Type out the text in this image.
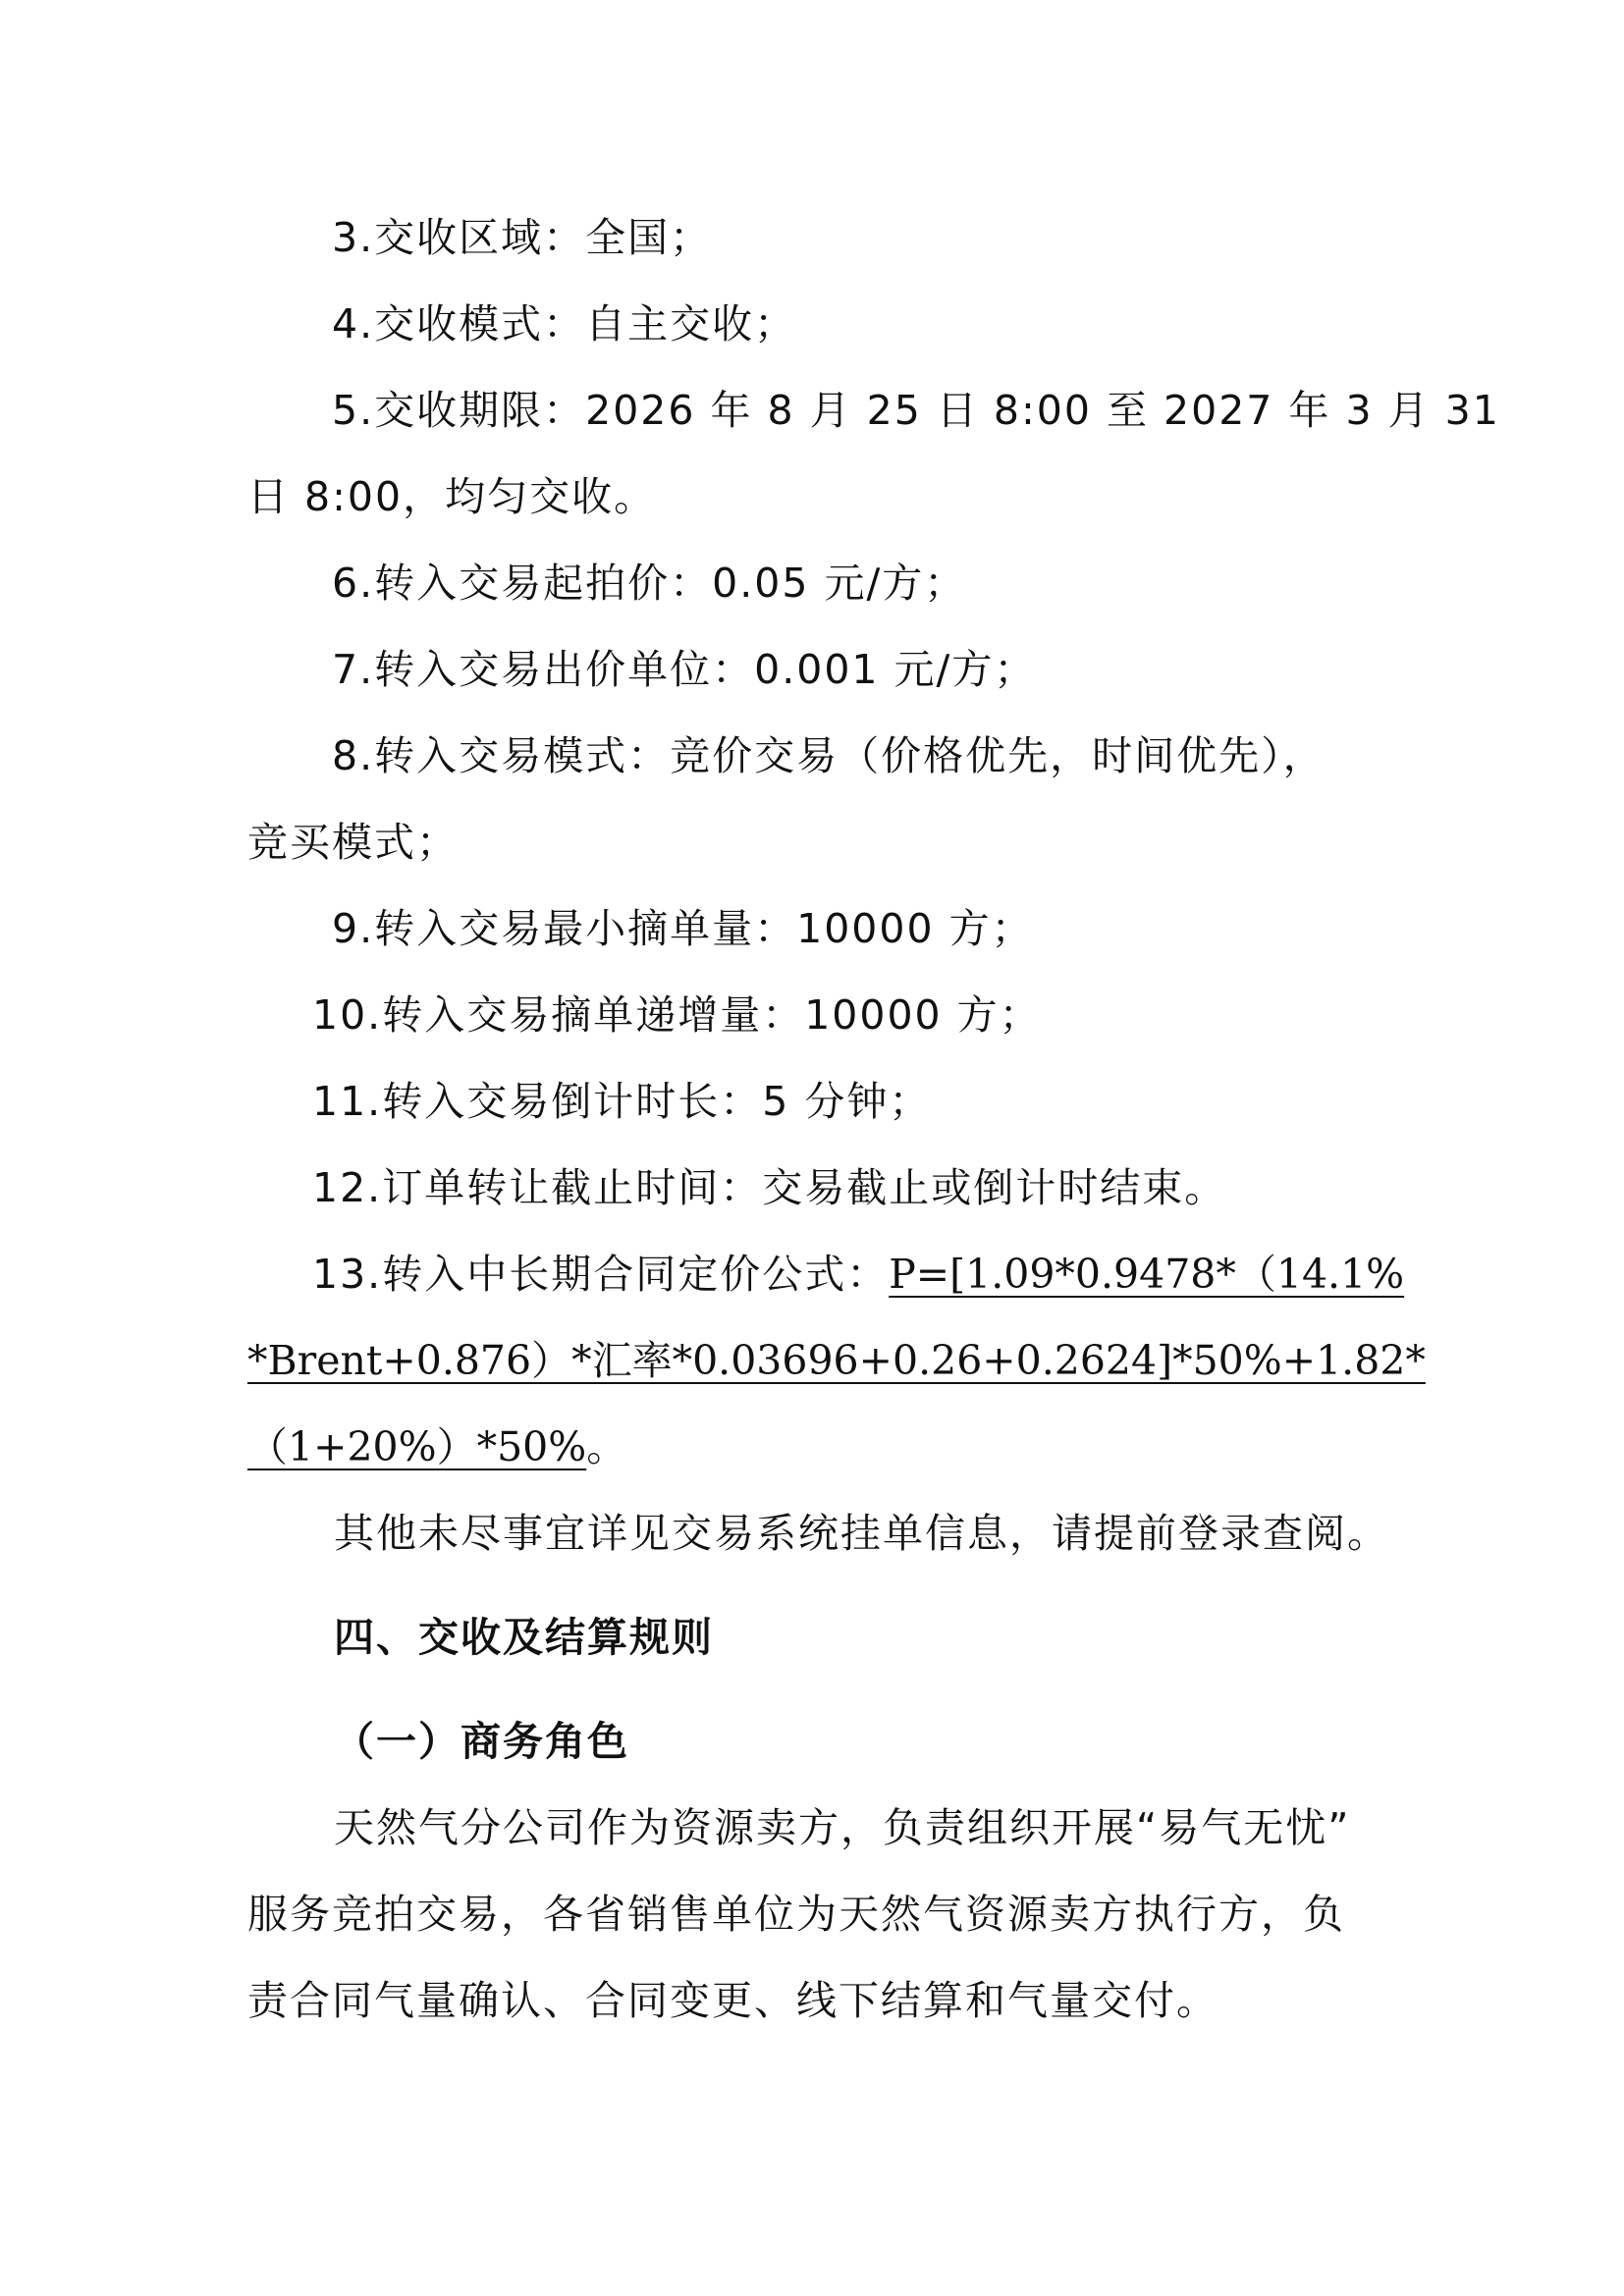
3.交收区域：全国；
4.交收模式：自主交收；
5.交收期限：2026 年 8 月 25 日 8:00 至 2027 年 3 月 31
日 8:00，均匀交收。
6.转入交易起拍价：0.05 元/方；
7.转入交易出价单位：0.001 元/方；
8.转入交易模式：竞价交易（价格优先，时间优先），
竞买模式；
9.转入交易最小摘单量：10000 方；
10.转入交易摘单递增量：10000 方；
11.转入交易倒计时长：5 分钟；
12.订单转让截止时间：交易截止或倒计时结束。
13.转入中长期合同定价公式：P=[1.09*0.9478*（14.1%
*Brent+0.876）*汇率*0.03696+0.26+0.2624]*50%+1.82*
（1+20%）*50%。
其他未尽事宜详见交易系统挂单信息，请提前登录查阅。
四、交收及结算规则
（一）商务角色
天然气分公司作为资源卖方，负责组织开展“易气无忧”
服务竞拍交易，各省销售单位为天然气资源卖方执行方，负
责合同气量确认、合同变更、线下结算和气量交付。
